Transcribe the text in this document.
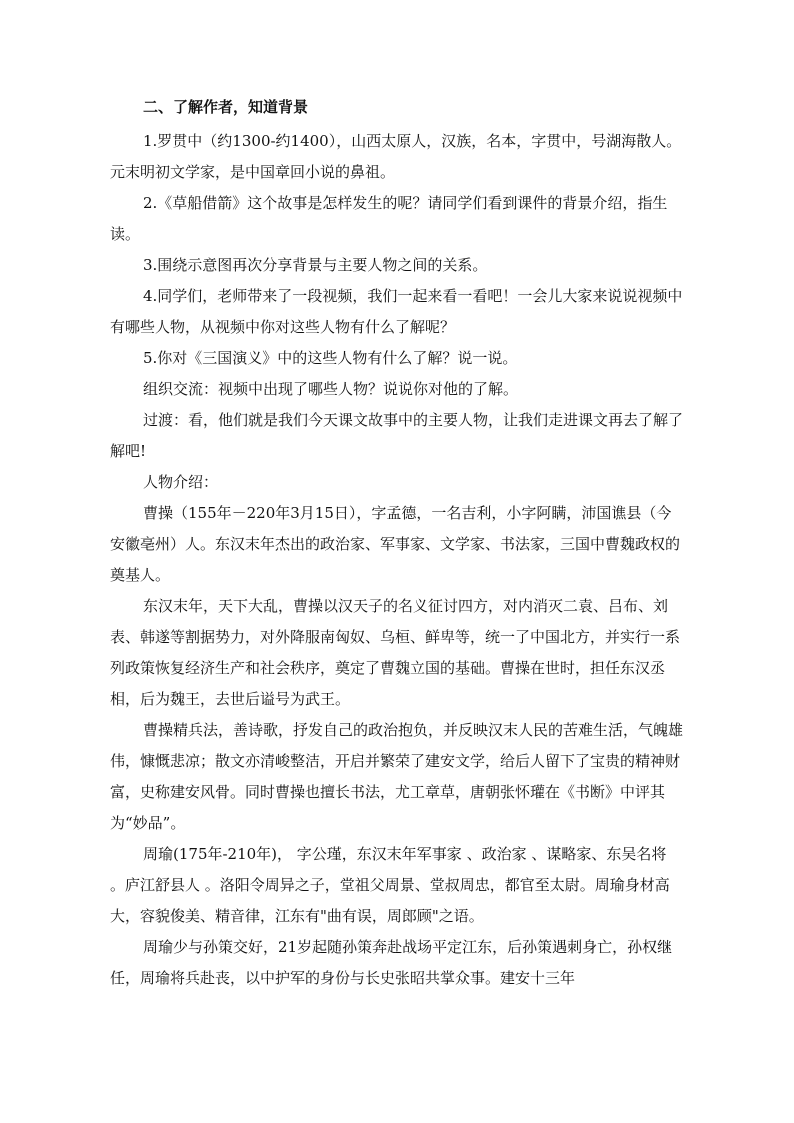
二、了解作者，知道背景

1.罗贯中（约1300-约1400），山西太原人，汉族，名本，字贯中，号湖海散人。元末明初文学家，是中国章回小说的鼻祖。

2.《草船借箭》这个故事是怎样发生的呢？请同学们看到课件的背景介绍，指生读。

3.围绕示意图再次分享背景与主要人物之间的关系。

4.同学们，老师带来了一段视频，我们一起来看一看吧！一会儿大家来说说视频中有哪些人物，从视频中你对这些人物有什么了解呢？

5.你对《三国演义》中的这些人物有什么了解？说一说。

组织交流：视频中出现了哪些人物？说说你对他的了解。

过渡：看，他们就是我们今天课文故事中的主要人物，让我们走进课文再去了解了解吧!

人物介绍：

曹操（155年－220年3月15日），字孟德，一名吉利，小字阿瞒，沛国谯县（今安徽亳州）人。东汉末年杰出的政治家、军事家、文学家、书法家，三国中曹魏政权的奠基人。

东汉末年，天下大乱，曹操以汉天子的名义征讨四方，对内消灭二袁、吕布、刘表、韩遂等割据势力，对外降服南匈奴、乌桓、鲜卑等，统一了中国北方，并实行一系列政策恢复经济生产和社会秩序，奠定了曹魏立国的基础。曹操在世时，担任东汉丞相，后为魏王，去世后谥号为武王。

曹操精兵法，善诗歌，抒发自己的政治抱负，并反映汉末人民的苦难生活，气魄雄伟，慷慨悲凉；散文亦清峻整洁，开启并繁荣了建安文学，给后人留下了宝贵的精神财富，史称建安风骨。同时曹操也擅长书法，尤工章草，唐朝张怀瓘在《书断》中评其为“妙品”。

周瑜(175年-210年)， 字公瑾，东汉末年军事家 、政治家 、谋略家、东吴名将 。庐江舒县人 。洛阳令周异之子，堂祖父周景、堂叔周忠，都官至太尉。周瑜身材高大，容貌俊美、精音律，江东有"曲有误，周郎顾"之语。

周瑜少与孙策交好，21岁起随孙策奔赴战场平定江东，后孙策遇刺身亡，孙权继任，周瑜将兵赴丧，以中护军的身份与长史张昭共掌众事。建安十三年
